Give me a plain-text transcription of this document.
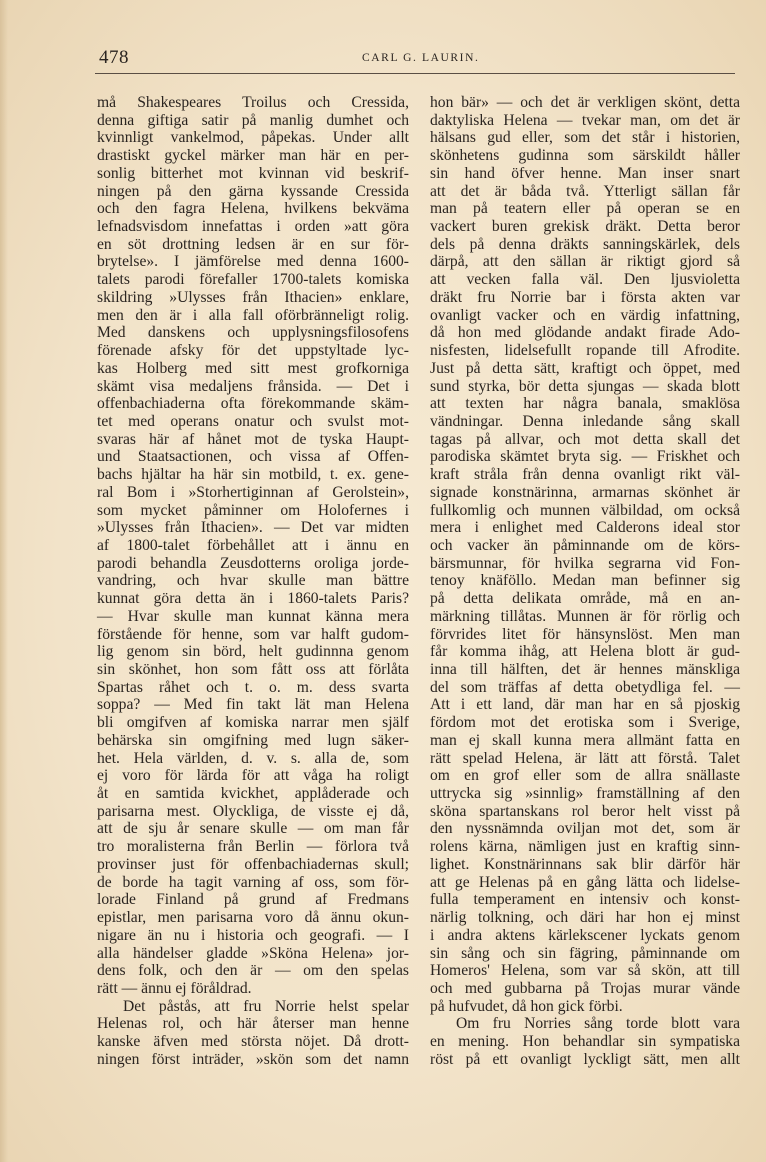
478	CARL G. LAURIN.
må Shakespeares Troilus och Cressida,
denna giftiga satir på manlig dumhet och
kvinnligt vankelmod, påpekas. Under allt
drastiskt gyckel märker man här en per-
sonlig bitterhet mot kvinnan vid beskrif-
ningen på den gärna kyssande Cressida
och den fagra Helena, hvilkens bekväma
lefnadsvisdom innefattas i orden »att göra
en söt drottning ledsen är en sur för-
brytelse». I jämförelse med denna 1600-
talets parodi förefaller 1700-talets komiska
skildring »Ulysses från Ithacien» enklare,
men den är i alla fall oförbränneligt rolig.
Med danskens och upplysningsfilosofens
förenade afsky för det uppstyltade lyc-
kas Holberg med sitt mest grofkorniga
skämt visa medaljens frånsida. — Det i
offenbachiaderna ofta förekommande skäm-
tet med operans onatur och svulst mot-
svaras här af hånet mot de tyska Haupt-
und Staatsactionen, och vissa af Offen-
bachs hjältar ha här sin motbild, t. ex. gene-
ral Bom i »Storhertiginnan af Gerolstein»,
som mycket påminner om Holofernes i
»Ulysses från Ithacien». — Det var midten
af 1800-talet förbehållet att i ännu en
parodi behandla Zeusdotterns oroliga jorde-
vandring, och hvar skulle man bättre
kunnat göra detta än i 1860-talets Paris?
— Hvar skulle man kunnat känna mera
förstående för henne, som var halft gudom-
lig genom sin börd, helt gudinnna genom
sin skönhet, hon som fått oss att förlåta
Spartas råhet och t. o. m. dess svarta
soppa? — Med fin takt lät man Helena
bli omgifven af komiska narrar men själf
behärska sin omgifning med lugn säker-
het. Hela världen, d. v. s. alla de, som
ej voro för lärda för att våga ha roligt
åt en samtida kvickhet, applåderade och
parisarna mest. Olyckliga, de visste ej då,
att de sju år senare skulle — om man får
tro moralisterna från Berlin — förlora två
provinser just för offenbachiadernas skull;
de borde ha tagit varning af oss, som för-
lorade Finland på grund af Fredmans
epistlar, men parisarna voro då ännu okun-
nigare än nu i historia och geografi. — I
alla händelser gladde »Sköna Helena» jor-
dens folk, och den är — om den spelas
rätt — ännu ej föråldrad.
Det påstås, att fru Norrie helst spelar
Helenas rol, och här återser man henne
kanske äfven med största nöjet. Då drott-
ningen först inträder, »skön som det namn
hon bär» — och det är verkligen skönt, detta
daktyliska Helena — tvekar man, om det är
hälsans gud eller, som det står i historien,
skönhetens gudinna som särskildt håller
sin hand öfver henne. Man inser snart
att det är båda två. Ytterligt sällan får
man på teatern eller på operan se en
vackert buren grekisk dräkt. Detta beror
dels på denna dräkts sanningskärlek, dels
därpå, att den sällan är riktigt gjord så
att vecken falla väl. Den ljusvioletta
dräkt fru Norrie bar i första akten var
ovanligt vacker och en värdig infattning,
då hon med glödande andakt firade Ado-
nisfesten, lidelsefullt ropande till Afrodite.
Just på detta sätt, kraftigt och öppet, med
sund styrka, bör detta sjungas — skada blott
att texten har några banala, smaklösa
vändningar. Denna inledande sång skall
tagas på allvar, och mot detta skall det
parodiska skämtet bryta sig. — Friskhet och
kraft stråla från denna ovanligt rikt väl-
signade konstnärinna, armarnas skönhet är
fullkomlig och munnen välbildad, om också
mera i enlighet med Calderons ideal stor
och vacker än påminnande om de körs-
bärsmunnar, för hvilka segrarna vid Fon-
tenoy knäföllo. Medan man befinner sig
på detta delikata område, må en an-
märkning tillåtas. Munnen är för rörlig och
förvrides litet för hänsynslöst. Men man
får komma ihåg, att Helena blott är gud-
inna till hälften, det är hennes mänskliga
del som träffas af detta obetydliga fel. —
Att i ett land, där man har en så pjoskig
fördom mot det erotiska som i Sverige,
man ej skall kunna mera allmänt fatta en
rätt spelad Helena, är lätt att förstå. Talet
om en grof eller som de allra snällaste
uttrycka sig »sinnlig» framställning af den
sköna spartanskans rol beror helt visst på
den nyssnämnda oviljan mot det, som är
rolens kärna, nämligen just en kraftig sinn-
lighet. Konstnärinnans sak blir därför här
att ge Helenas på en gång lätta och lidelse-
fulla temperament en intensiv och konst-
närlig tolkning, och däri har hon ej minst
i andra aktens kärlekscener lyckats genom
sin sång och sin fägring, påminnande om
Homeros' Helena, som var så skön, att till
och med gubbarna på Trojas murar vände
på hufvudet, då hon gick förbi.
Om fru Norries sång torde blott vara
en mening. Hon behandlar sin sympatiska
röst på ett ovanligt lyckligt sätt, men allt
